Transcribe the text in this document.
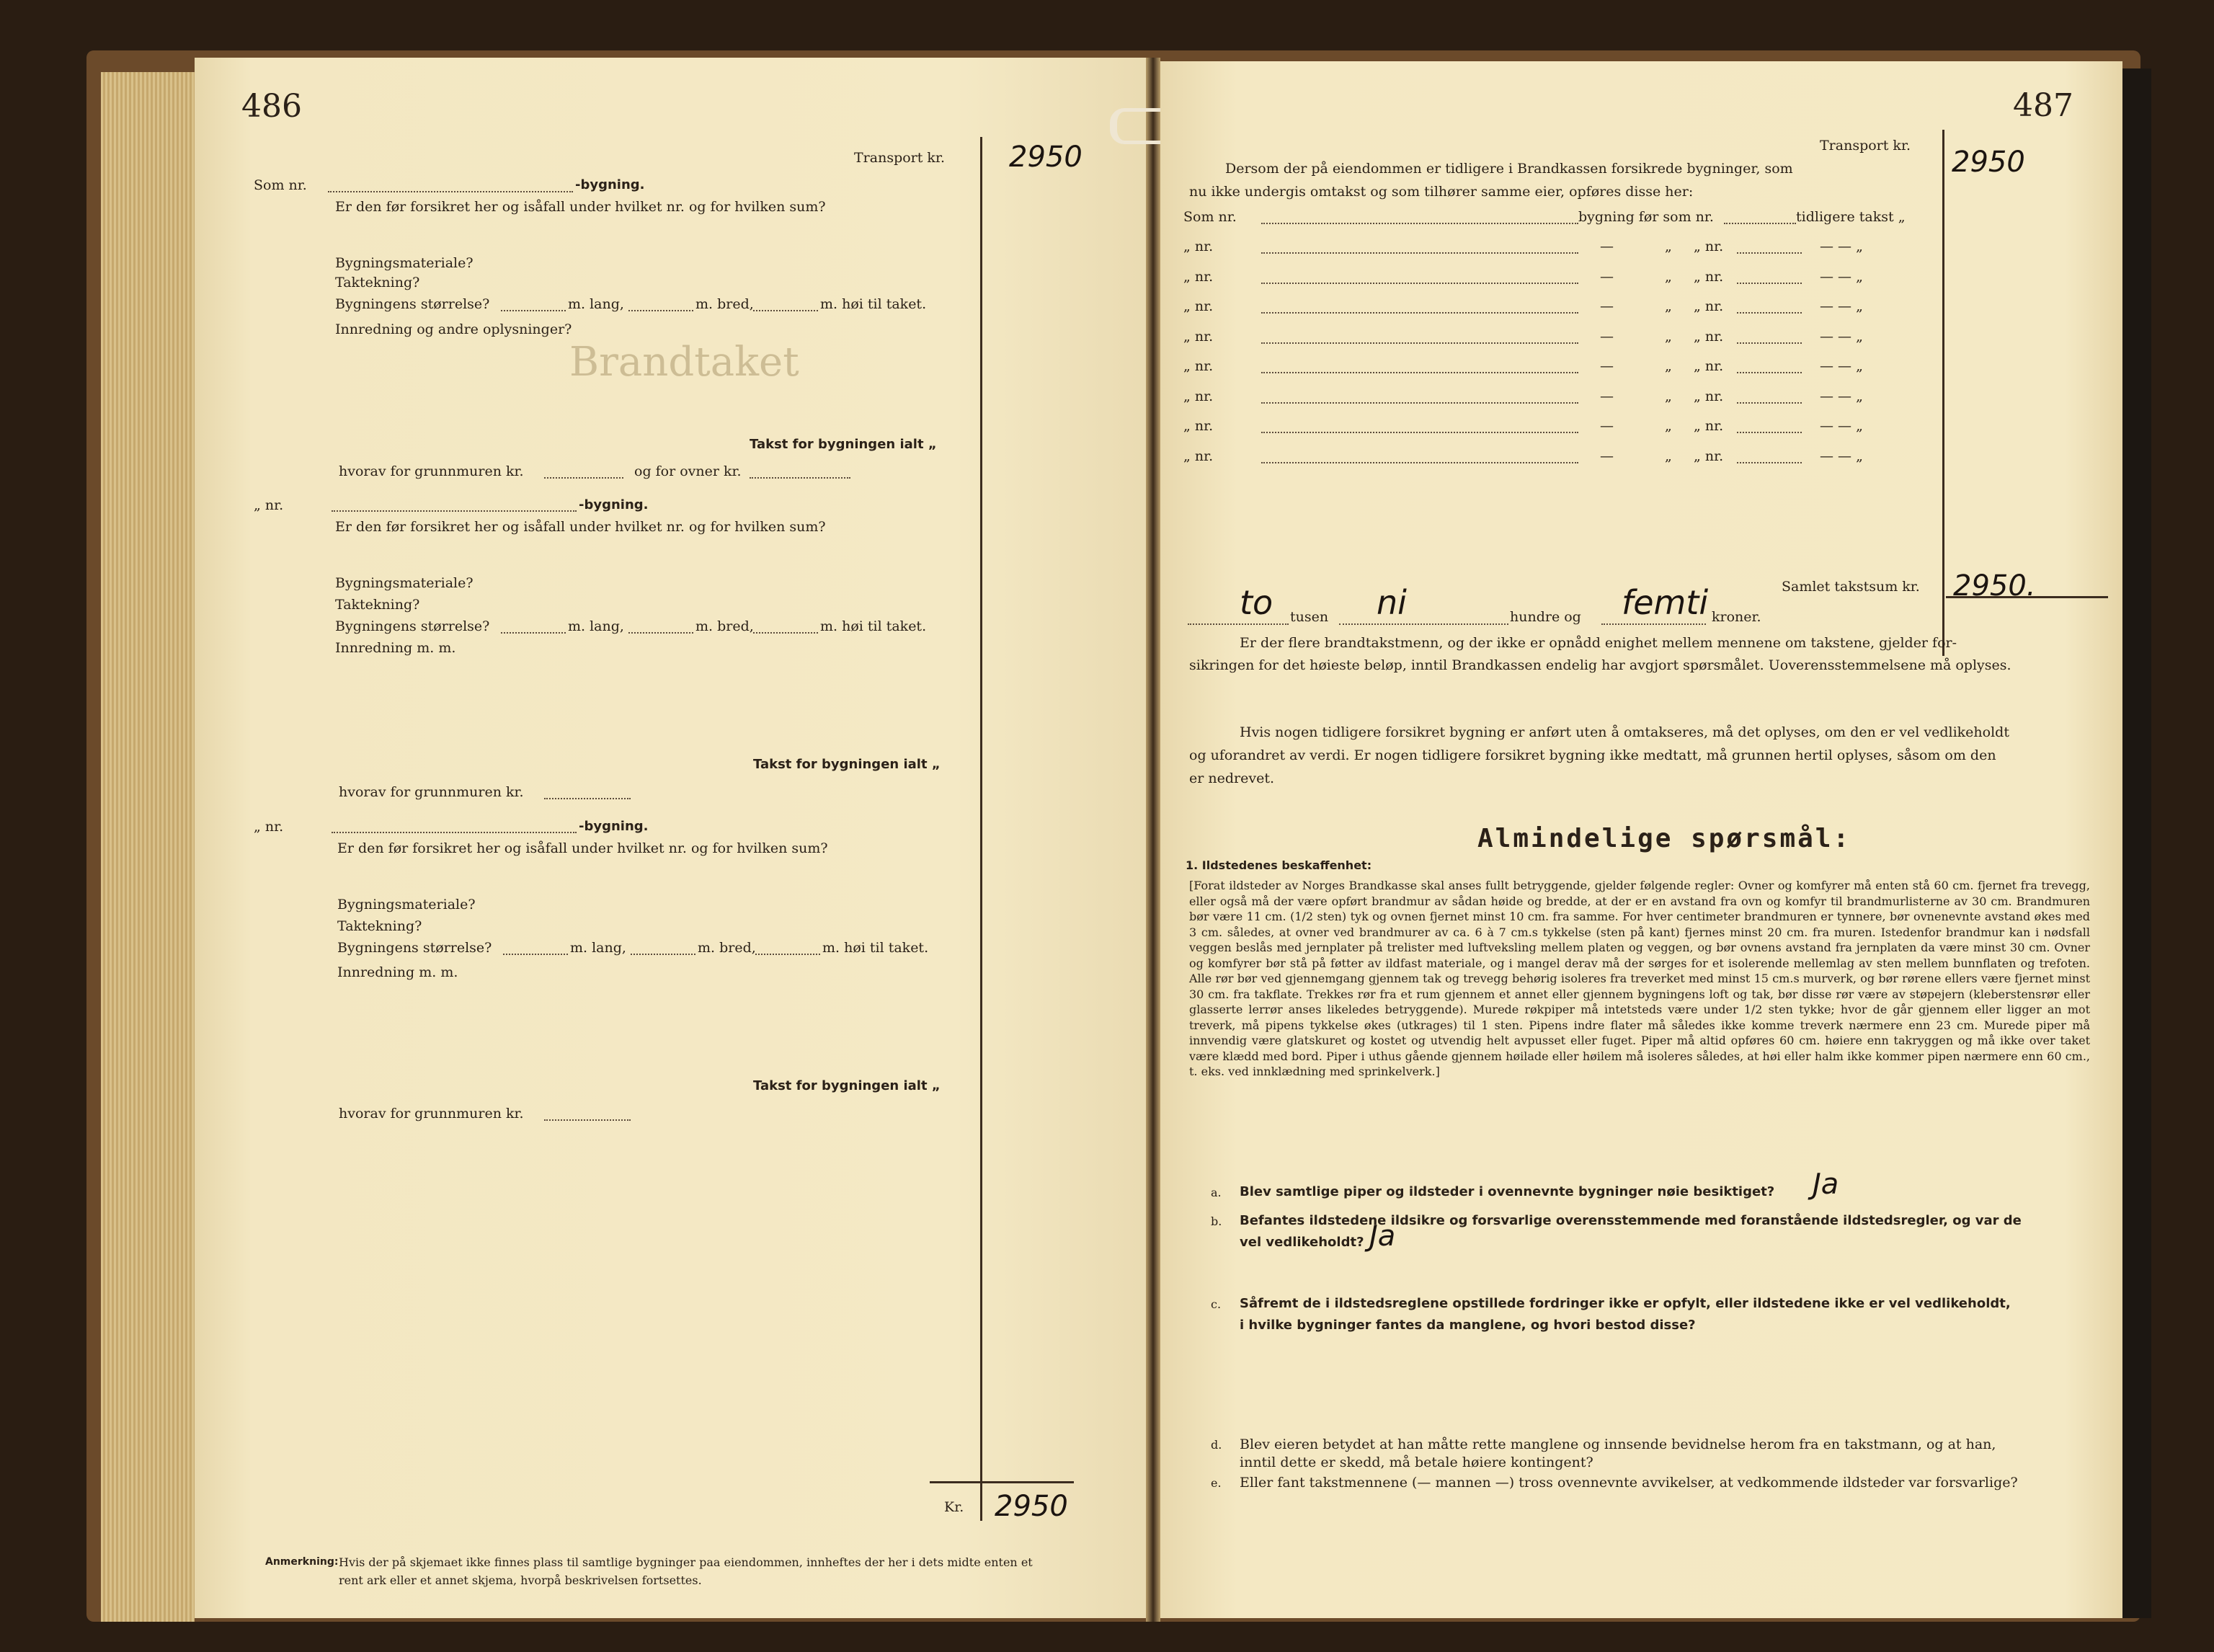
486
Brandtaket
Transport kr. 2950
Som nr.	-bygning.
Er den før forsikret her og isåfall under hvilket nr. og for hvilken sum?
Bygningsmateriale?
Taktekning?
Bygningens størrelse?	m. lang,	m. bred,	m. høi til taket.
Innredning og andre oplysninger?
Takst for bygningen ialt „
hvorav for grunnmuren kr.	og for ovner kr.
„ nr.	-bygning.
Er den før forsikret her og isåfall under hvilket nr. og for hvilken sum?
Bygningsmateriale?
Taktekning?
Bygningens størrelse?	m. lang,	m. bred,	m. høi til taket.
Innredning m. m.
Takst for bygningen ialt „
hvorav for grunnmuren kr.
„ nr.	-bygning.
Er den før forsikret her og isåfall under hvilket nr. og for hvilken sum?
Bygningsmateriale?
Taktekning?
Bygningens størrelse?	m. lang,	m. bred,	m. høi til taket.
Innredning m. m.
Takst for bygningen ialt „
hvorav for grunnmuren kr.
Kr. 2950
Anmerkning: Hvis der på skjemaet ikke finnes plass til samtlige bygninger paa eiendommen, innheftes der her i dets midte enten et
rent ark eller et annet skjema, hvorpå beskrivelsen fortsettes.
487
Transport kr. 2950
Dersom der på eiendommen er tidligere i Brandkassen forsikrede bygninger, som
nu ikke undergis omtakst og som tilhører samme eier, opføres disse her:
Som nr.	bygning før som nr.	tidligere takst „
„ nr.	—	„ „ nr.	— — „
„ nr.	—	„ „ nr.	— — „
„ nr.	—	„ „ nr.	— — „
„ nr.	—	„ „ nr.	— — „
„ nr.	—	„ „ nr.	— — „
„ nr.	—	„ „ nr.	— — „
„ nr.	—	„ „ nr.	— — „
„ nr.	—	„ „ nr.	— — „
Samlet takstsum kr. 2950.
to tusen ni	hundre og femti kroner.
Er der flere brandtakstmenn, og der ikke er opnådd enighet mellem mennene om takstene, gjelder for-
sikringen for det høieste beløp, inntil Brandkassen endelig har avgjort spørsmålet. Uoverensstemmelsene må oplyses.
Hvis nogen tidligere forsikret bygning er anført uten å omtakseres, må det oplyses, om den er vel vedlikeholdt
og uforandret av verdi. Er nogen tidligere forsikret bygning ikke medtatt, må grunnen hertil oplyses, såsom om den
er nedrevet.
Almindelige spørsmål:
1. Ildstedenes beskaffenhet:
[Forat ildsteder av Norges Brandkasse skal anses fullt betryggende, gjelder følgende regler: Ovner og komfyrer må enten stå 60 cm. fjernet fra trevegg, eller også må der være opført brandmur av sådan høide og bredde, at der er en avstand fra ovn og komfyr til brandmurlisterne av 30 cm. Brandmuren bør være 11 cm. (1/2 sten) tyk og ovnen fjernet minst 10 cm. fra samme. For hver centimeter brandmuren er tynnere, bør ovnenevnte avstand økes med 3 cm. således, at ovner ved brandmurer av ca. 6 à 7 cm.s tykkelse (sten på kant) fjernes minst 20 cm. fra muren. Istedenfor brandmur kan i nødsfall veggen beslås med jernplater på trelister med luftveksling mellem platen og veggen, og bør ovnens avstand fra jernplaten da være minst 30 cm. Ovner og komfyrer bør stå på føtter av ildfast materiale, og i mangel derav må der sørges for et isolerende mellemlag av sten mellem bunnflaten og trefoten. Alle rør bør ved gjennemgang gjennem tak og trevegg behørig isoleres fra treverket med minst 15 cm.s murverk, og bør rørene ellers være fjernet minst 30 cm. fra takflate. Trekkes rør fra et rum gjennem et annet eller gjennem bygningens loft og tak, bør disse rør være av støpejern (kleberstensrør eller glasserte lerrør anses likeledes betryggende). Murede røkpiper må intetsteds være under 1/2 sten tykke; hvor de går gjennem eller ligger an mot treverk, må pipens tykkelse økes (utkrages) til 1 sten. Pipens indre flater må således ikke komme treverk nærmere enn 23 cm. Murede piper må innvendig være glatskuret og kostet og utvendig helt avpusset eller fuget. Piper må altid opføres 60 cm. høiere enn takryggen og må ikke over taket være klædd med bord. Piper i uthus gående gjennem høilade eller høilem må isoleres således, at høi eller halm ikke kommer pipen nærmere enn 60 cm., t. eks. ved innklædning med sprinkelverk.]
a. Blev samtlige piper og ildsteder i ovennevnte bygninger nøie besiktiget? Ja
b. Befantes ildstedene ildsikre og forsvarlige overensstemmende med foranstående ildstedsregler, og var de
vel vedlikeholdt? Ja
c. Såfremt de i ildstedsreglene opstillede fordringer ikke er opfylt, eller ildstedene ikke er vel vedlikeholdt,
i hvilke bygninger fantes da manglene, og hvori bestod disse?
d. Blev eieren betydet at han måtte rette manglene og innsende bevidnelse herom fra en takstmann, og at han,
inntil dette er skedd, må betale høiere kontingent?
e. Eller fant takstmennene (— mannen —) tross ovennevnte avvikelser, at vedkommende ildsteder var forsvarlige?
